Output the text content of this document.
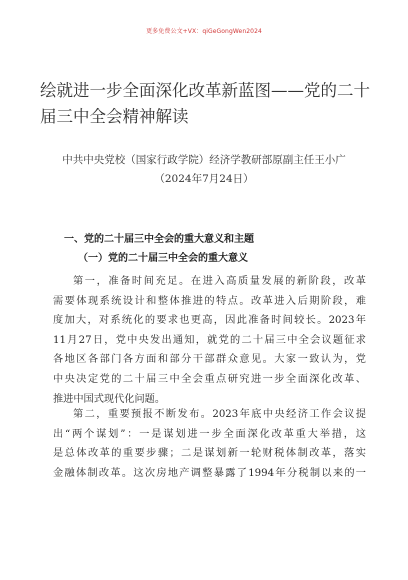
更多免费公文+VX：qiGeGongWen2024
绘就进一步全面深化改革新蓝图——党的二十
届三中全会精神解读
中共中央党校（国家行政学院）经济学教研部原副主任王小广
（2024年7月24日）
一、党的二十届三中全会的重大意义和主题
（一）党的二十届三中全会的重大意义

第一，准备时间充足。在进入高质量发展的新阶段，改革
需要体现系统设计和整体推进的特点。改革进入后期阶段，难
度加大，对系统化的要求也更高，因此准备时间较长。2023年
11月27日，党中央发出通知，就党的二十届三中全会议题征求
各地区各部门各方面和部分干部群众意见。大家一致认为，党
中央决定党的二十届三中全会重点研究进一步全面深化改革、
推进中国式现代化问题。

第二，重要预报不断发布。2023年底中央经济工作会议提
出“两个谋划”：一是谋划进一步全面深化改革重大举措，这
是总体改革的重要步骤；二是谋划新一轮财税体制改革，落实
金融体制改革。这次房地产调整暴露了1994年分税制以来的一
